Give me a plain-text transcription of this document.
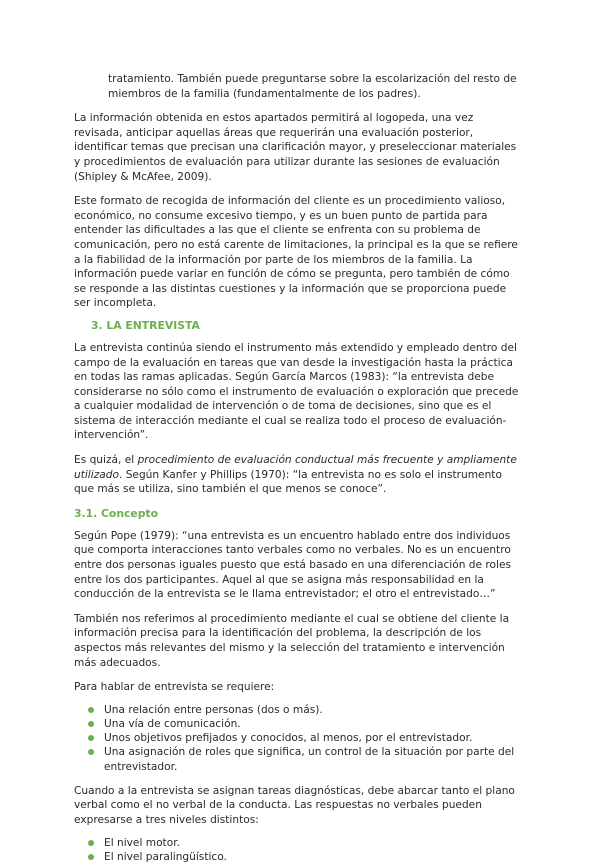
tratamiento. También puede preguntarse sobre la escolarización del resto de miembros de la familia (fundamentalmente de los padres).

La información obtenida en estos apartados permitirá al logopeda, una vez revisada, anticipar aquellas áreas que requerirán una evaluación posterior, identificar temas que precisan una clarificación mayor, y preseleccionar materiales y procedimientos de evaluación para utilizar durante las sesiones de evaluación (Shipley & McAfee, 2009).

Este formato de recogida de información del cliente es un procedimiento valioso, económico, no consume excesivo tiempo, y es un buen punto de partida para entender las dificultades a las que el cliente se enfrenta con su problema de comunicación, pero no está carente de limitaciones, la principal es la que se refiere a la fiabilidad de la información por parte de los miembros de la familia. La información puede variar en función de cómo se pregunta, pero también de cómo se responde a las distintas cuestiones y la información que se proporciona puede ser incompleta.

3. LA ENTREVISTA

La entrevista continúa siendo el instrumento más extendido y empleado dentro del campo de la evaluación en tareas que van desde la investigación hasta la práctica en todas las ramas aplicadas. Según García Marcos (1983): “la entrevista debe considerarse no sólo como el instrumento de evaluación o exploración que precede a cualquier modalidad de intervención o de toma de decisiones, sino que es el sistema de interacción mediante el cual se realiza todo el proceso de evaluación-intervención”.

Es quizá, el procedimiento de evaluación conductual más frecuente y ampliamente utilizado. Según Kanfer y Phillips (1970): “la entrevista no es solo el instrumento que más se utiliza, sino también el que menos se conoce”.

3.1. Concepto

Según Pope (1979): “una entrevista es un encuentro hablado entre dos individuos que comporta interacciones tanto verbales como no verbales. No es un encuentro entre dos personas iguales puesto que está basado en una diferenciación de roles entre los dos participantes. Aquel al que se asigna más responsabilidad en la conducción de la entrevista se le llama entrevistador; el otro el entrevistado…”

También nos referimos al procedimiento mediante el cual se obtiene del cliente la información precisa para la identificación del problema, la descripción de los aspectos más relevantes del mismo y la selección del tratamiento e intervención más adecuados.

Para hablar de entrevista se requiere:

Una relación entre personas (dos o más).
Una vía de comunicación.
Unos objetivos prefijados y conocidos, al menos, por el entrevistador.
Una asignación de roles que significa, un control de la situación por parte del entrevistador.

Cuando a la entrevista se asignan tareas diagnósticas, debe abarcar tanto el plano verbal como el no verbal de la conducta. Las respuestas no verbales pueden expresarse a tres niveles distintos:

El nivel motor.
El nivel paralingüístico.
